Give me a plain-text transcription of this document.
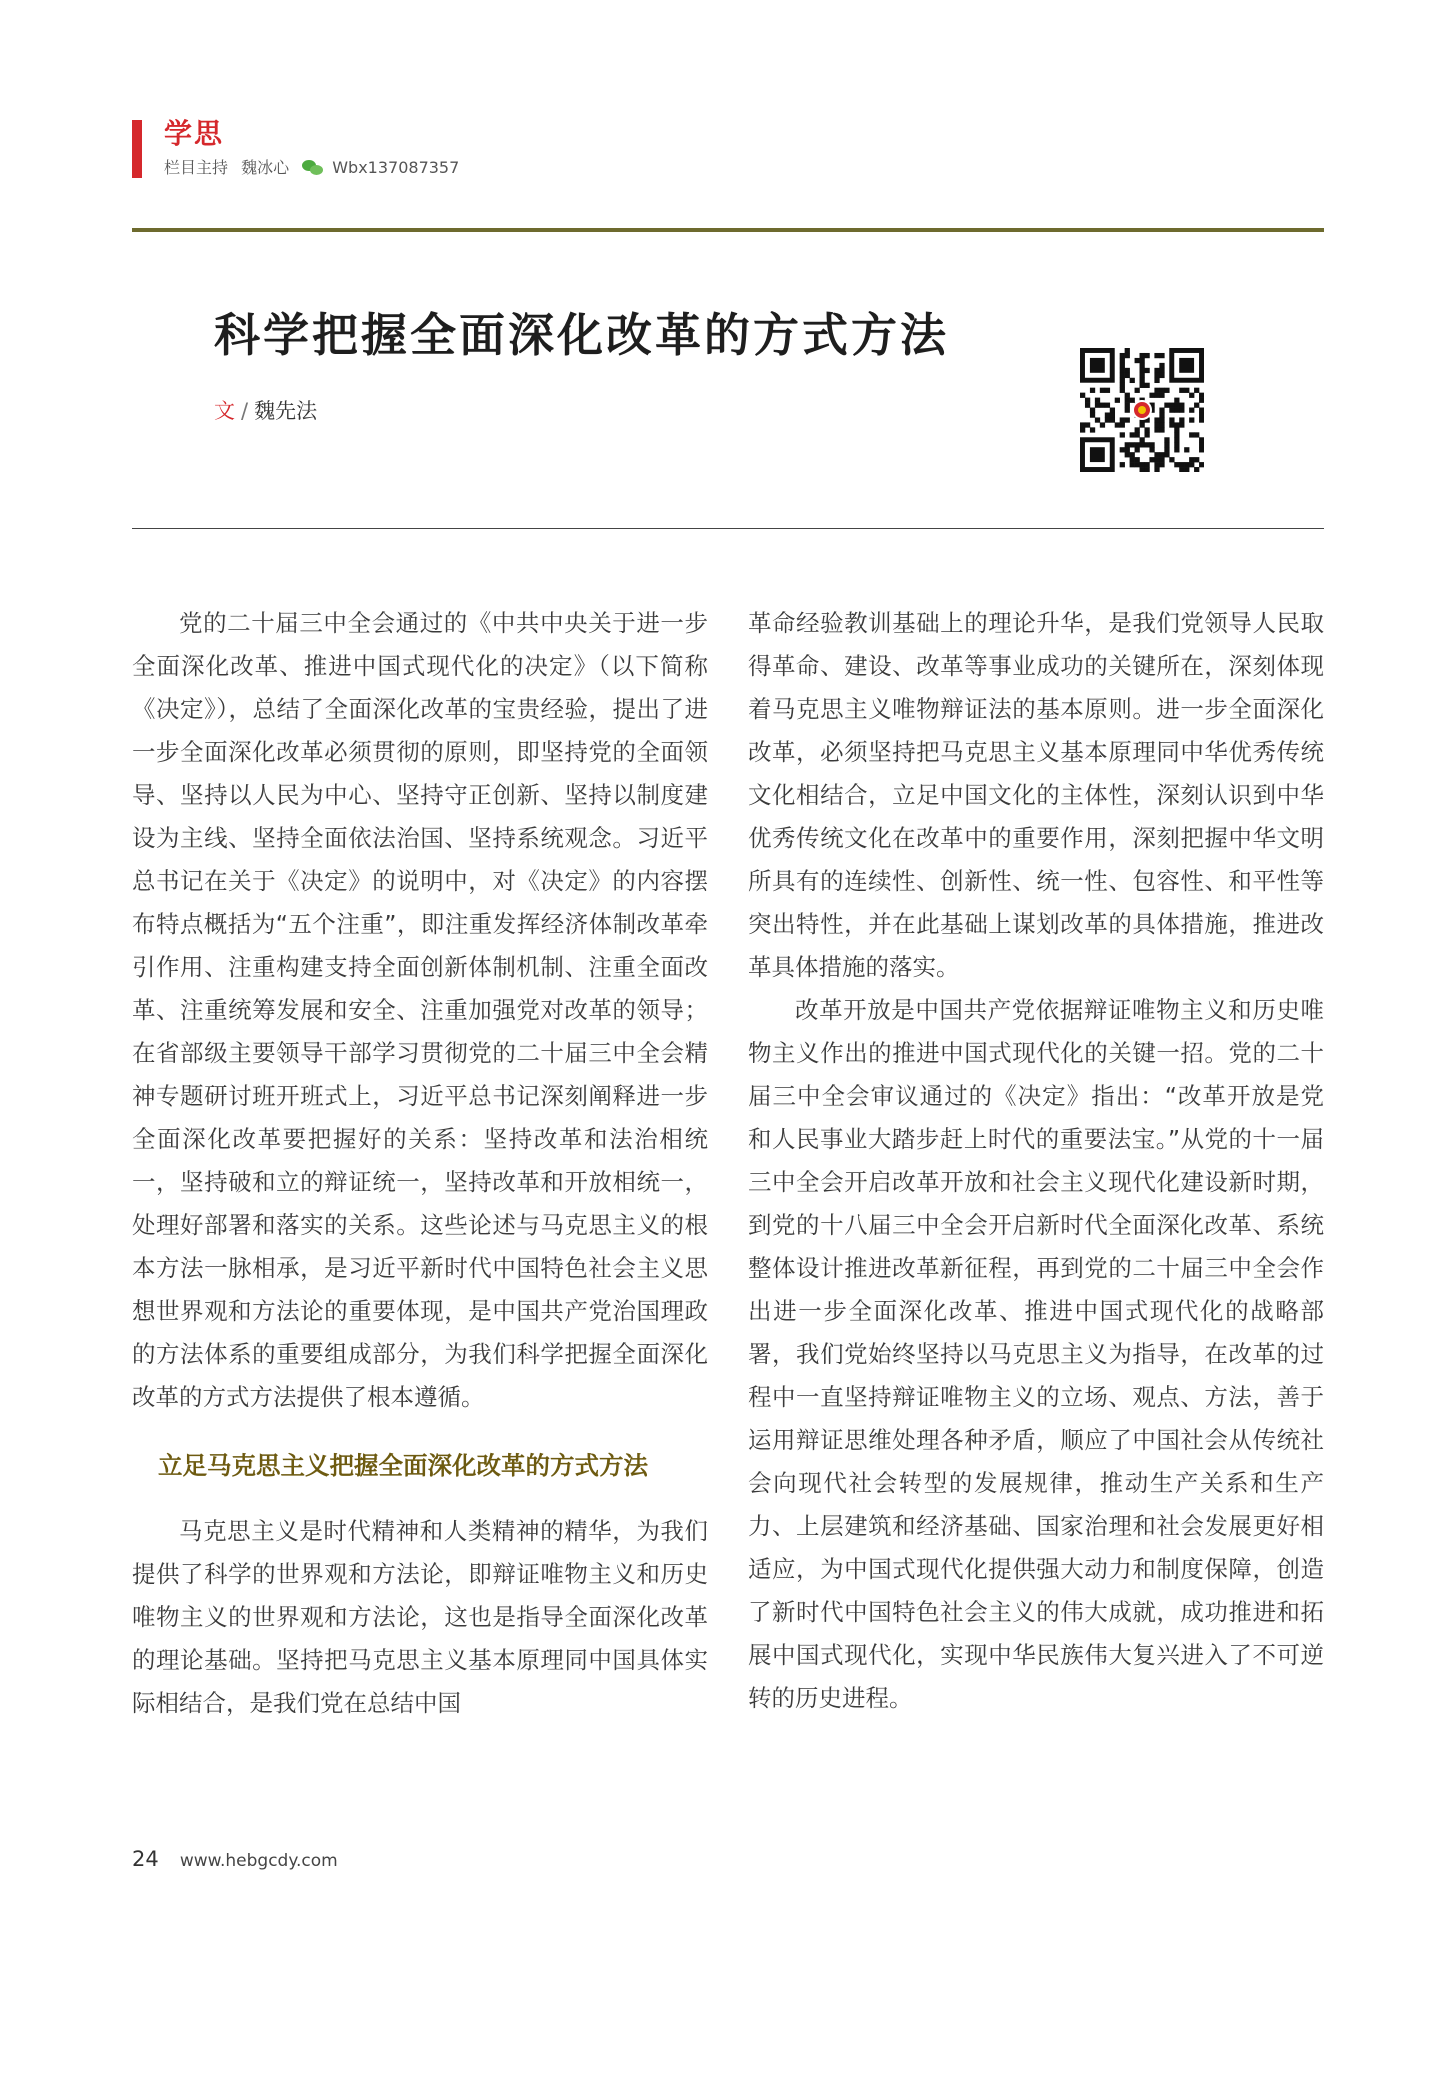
学思
栏目主持 魏冰心	Wbx137087357
科学把握全面深化改革的方式方法
文 / 魏先法

党的二十届三中全会通过的《中共中央关于进一步全面深化改革、推进中国式现代化的决定》（以下简称《决定》），总结了全面深化改革的宝贵经验，提出了进一步全面深化改革必须贯彻的原则，即坚持党的全面领导、坚持以人民为中心、坚持守正创新、坚持以制度建设为主线、坚持全面依法治国、坚持系统观念。习近平总书记在关于《决定》的说明中，对《决定》的内容摆布特点概括为“五个注重”，即注重发挥经济体制改革牵引作用、注重构建支持全面创新体制机制、注重全面改革、注重统筹发展和安全、注重加强党对改革的领导；在省部级主要领导干部学习贯彻党的二十届三中全会精神专题研讨班开班式上，习近平总书记深刻阐释进一步全面深化改革要把握好的关系：坚持改革和法治相统一，坚持破和立的辩证统一，坚持改革和开放相统一，处理好部署和落实的关系。这些论述与马克思主义的根本方法一脉相承，是习近平新时代中国特色社会主义思想世界观和方法论的重要体现，是中国共产党治国理政的方法体系的重要组成部分，为我们科学把握全面深化改革的方式方法提供了根本遵循。

立足马克思主义把握全面深化改革的方式方法

马克思主义是时代精神和人类精神的精华，为我们提供了科学的世界观和方法论，即辩证唯物主义和历史唯物主义的世界观和方法论，这也是指导全面深化改革的理论基础。坚持把马克思主义基本原理同中国具体实际相结合，是我们党在总结中国

革命经验教训基础上的理论升华，是我们党领导人民取得革命、建设、改革等事业成功的关键所在，深刻体现着马克思主义唯物辩证法的基本原则。进一步全面深化改革，必须坚持把马克思主义基本原理同中华优秀传统文化相结合，立足中国文化的主体性，深刻认识到中华优秀传统文化在改革中的重要作用，深刻把握中华文明所具有的连续性、创新性、统一性、包容性、和平性等突出特性，并在此基础上谋划改革的具体措施，推进改革具体措施的落实。

改革开放是中国共产党依据辩证唯物主义和历史唯物主义作出的推进中国式现代化的关键一招。党的二十届三中全会审议通过的《决定》指出：“改革开放是党和人民事业大踏步赶上时代的重要法宝。”从党的十一届三中全会开启改革开放和社会主义现代化建设新时期，到党的十八届三中全会开启新时代全面深化改革、系统整体设计推进改革新征程，再到党的二十届三中全会作出进一步全面深化改革、推进中国式现代化的战略部署，我们党始终坚持以马克思主义为指导，在改革的过程中一直坚持辩证唯物主义的立场、观点、方法，善于运用辩证思维处理各种矛盾，顺应了中国社会从传统社会向现代社会转型的发展规律，推动生产关系和生产力、上层建筑和经济基础、国家治理和社会发展更好相适应，为中国式现代化提供强大动力和制度保障，创造了新时代中国特色社会主义的伟大成就，成功推进和拓展中国式现代化，实现中华民族伟大复兴进入了不可逆转的历史进程。

24 www.hebgcdy.com
